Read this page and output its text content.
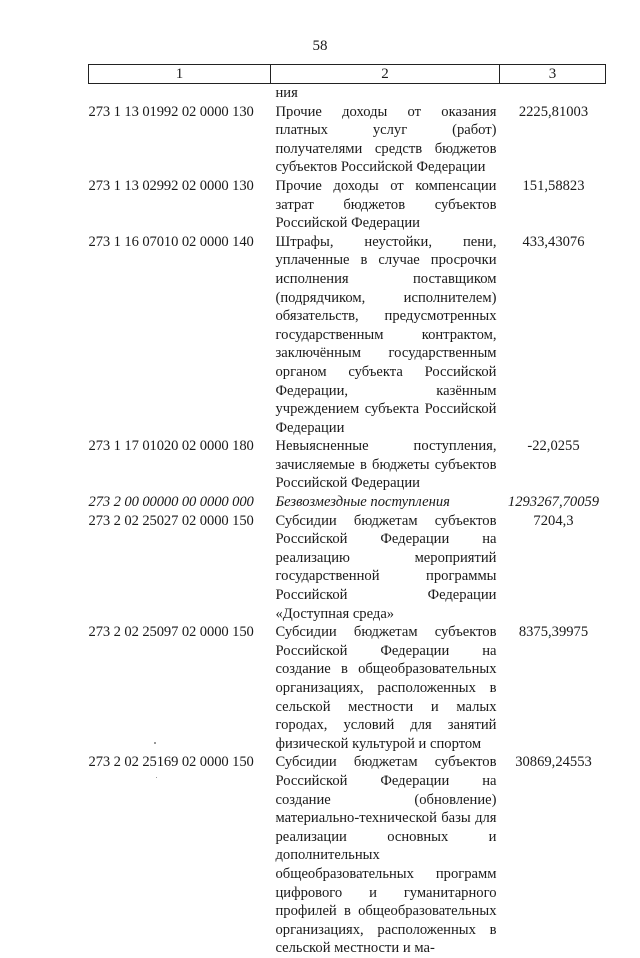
58
1	2	3
	ния	
273 1 13 01992 02 0000 130	Прочие доходы от оказания платных услуг (работ) получателями средств бюджетов субъектов Российской Федерации	2225,81003
273 1 13 02992 02 0000 130	Прочие доходы от компенсации затрат бюджетов субъектов Российской Федерации	151,58823
273 1 16 07010 02 0000 140	Штрафы, неустойки, пени, уплаченные в случае просрочки исполнения поставщиком (подрядчиком, исполнителем) обязательств, предусмотренных государственным контрактом, заключённым государственным органом субъекта Российской Федерации, казённым учреждением субъекта Российской Федерации	433,43076
273 1 17 01020 02 0000 180	Невыясненные поступления, зачисляемые в бюджеты субъектов Российской Федерации	-22,0255
273 2 00 00000 00 0000 000	Безвозмездные поступления	1293267,70059
273 2 02 25027 02 0000 150	Субсидии бюджетам субъектов Российской Федерации на реализацию мероприятий государственной программы Российской Федерации «Доступная среда»	7204,3
273 2 02 25097 02 0000 150	Субсидии бюджетам субъектов Российской Федерации на создание в общеобразовательных организациях, расположенных в сельской местности и малых городах, условий для занятий физической культурой и спортом	8375,39975
273 2 02 25169 02 0000 150	Субсидии бюджетам субъектов Российской Федерации на создание (обновление) материально-технической базы для реализации основных и дополнительных общеобразовательных программ цифрового и гуманитарного профилей в общеобразовательных организациях, расположенных в сельской местности и ма-	30869,24553
